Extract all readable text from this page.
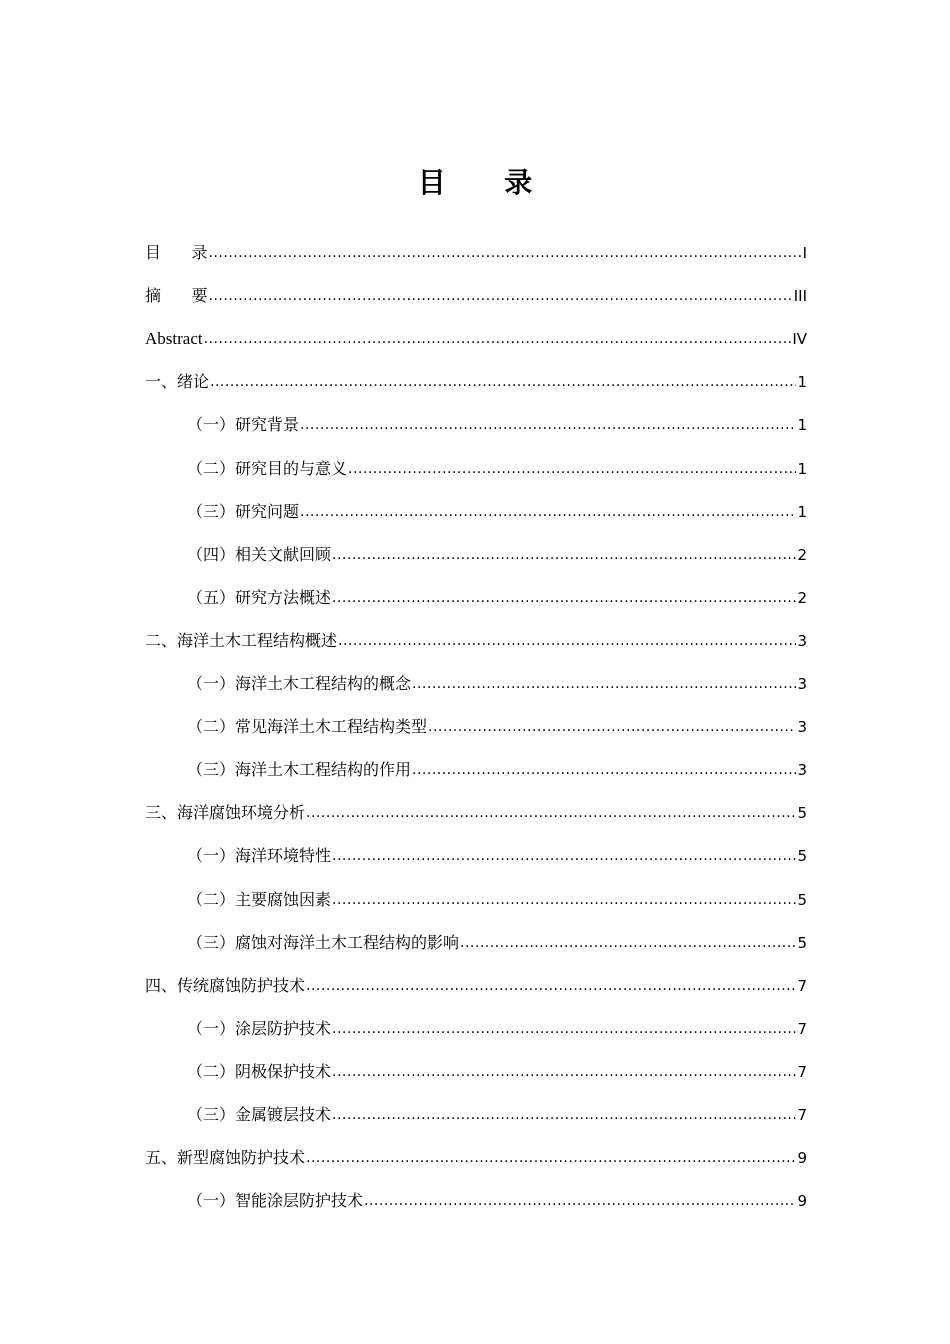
目      录
目      录 .....	I
摘      要 .....	III
Abstract .....	IV
一、绪论 .....	1
（一）研究背景 .....	1
（二）研究目的与意义 .....	1
（三）研究问题 .....	1
（四）相关文献回顾 .....	2
（五）研究方法概述 .....	2
二、海洋土木工程结构概述 .....	3
（一）海洋土木工程结构的概念 .....	3
（二）常见海洋土木工程结构类型 .....	3
（三）海洋土木工程结构的作用 .....	3
三、海洋腐蚀环境分析 .....	5
（一）海洋环境特性 .....	5
（二）主要腐蚀因素 .....	5
（三）腐蚀对海洋土木工程结构的影响 .....	5
四、传统腐蚀防护技术 .....	7
（一）涂层防护技术 .....	7
（二）阴极保护技术 .....	7
（三）金属镀层技术 .....	7
五、新型腐蚀防护技术 .....	9
（一）智能涂层防护技术 .....	9
